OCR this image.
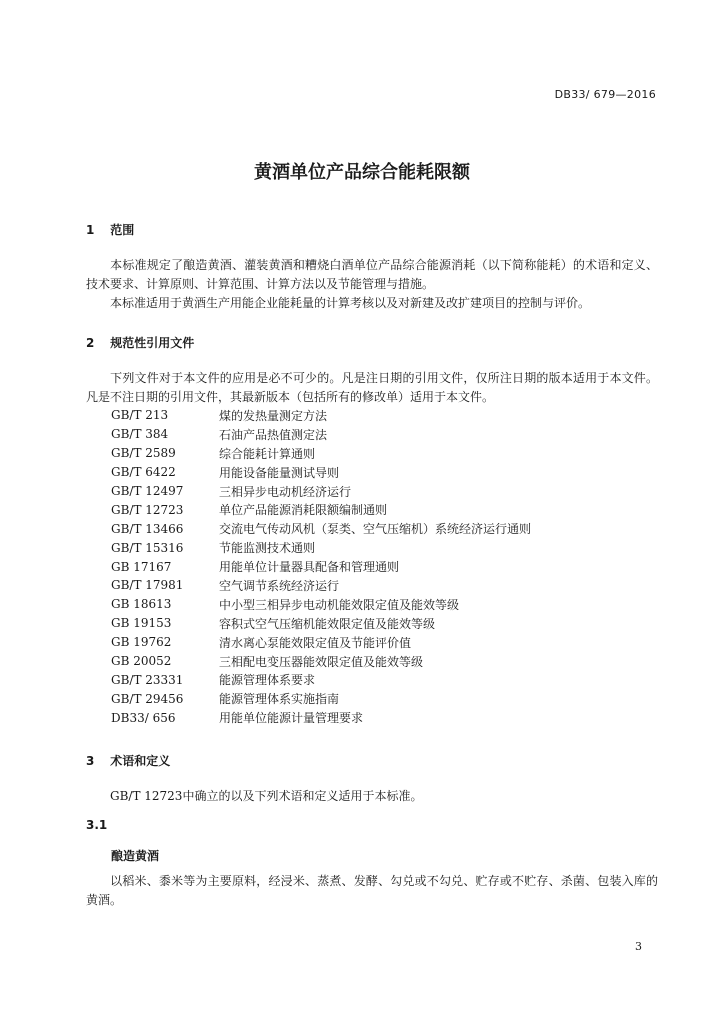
DB33/ 679—2016
黄酒单位产品综合能耗限额
1 范围
本标准规定了酿造黄酒、灌装黄酒和糟烧白酒单位产品综合能源消耗（以下简称能耗）的术语和定义、技术要求、计算原则、计算范围、计算方法以及节能管理与措施。
本标准适用于黄酒生产用能企业能耗量的计算考核以及对新建及改扩建项目的控制与评价。
2 规范性引用文件
下列文件对于本文件的应用是必不可少的。凡是注日期的引用文件，仅所注日期的版本适用于本文件。凡是不注日期的引用文件，其最新版本（包括所有的修改单）适用于本文件。
GB/T 213	煤的发热量测定方法
GB/T 384	石油产品热值测定法
GB/T 2589	综合能耗计算通则
GB/T 6422	用能设备能量测试导则
GB/T 12497	三相异步电动机经济运行
GB/T 12723	单位产品能源消耗限额编制通则
GB/T 13466	交流电气传动风机（泵类、空气压缩机）系统经济运行通则
GB/T 15316	节能监测技术通则
GB 17167	用能单位计量器具配备和管理通则
GB/T 17981	空气调节系统经济运行
GB 18613	中小型三相异步电动机能效限定值及能效等级
GB 19153	容积式空气压缩机能效限定值及能效等级
GB 19762	清水离心泵能效限定值及节能评价值
GB 20052	三相配电变压器能效限定值及能效等级
GB/T 23331	能源管理体系要求
GB/T 29456	能源管理体系实施指南
DB33/ 656	用能单位能源计量管理要求
3 术语和定义
GB/T 12723中确立的以及下列术语和定义适用于本标准。
3.1
酿造黄酒
以稻米、黍米等为主要原料，经浸米、蒸煮、发酵、勾兑或不勾兑、贮存或不贮存、杀菌、包装入库的黄酒。
3
